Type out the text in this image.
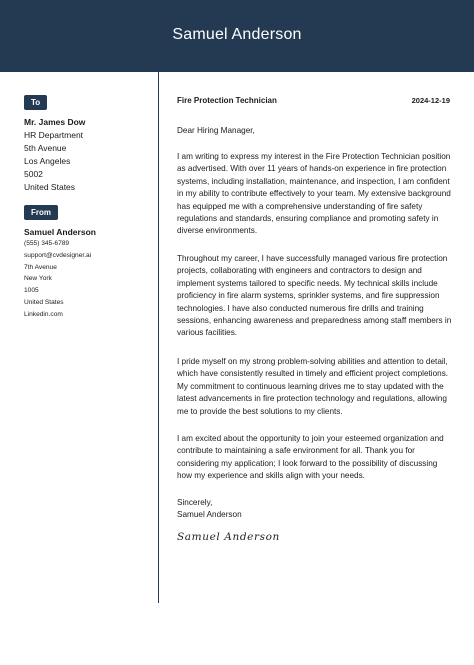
Samuel Anderson
To
Mr. James Dow
HR Department
5th Avenue
Los Angeles
5002
United States
From
Samuel Anderson
(555) 345-6789
support@cvdesigner.ai
7th Avenue
New York
1005
United States
Linkedin.com
Fire Protection Technician	2024-12-19

Dear Hiring Manager,

I am writing to express my interest in the Fire Protection Technician position as advertised. With over 11 years of hands-on experience in fire protection systems, including installation, maintenance, and inspection, I am confident in my ability to contribute effectively to your team. My extensive background has equipped me with a comprehensive understanding of fire safety regulations and standards, ensuring compliance and promoting safety in diverse environments.

Throughout my career, I have successfully managed various fire protection projects, collaborating with engineers and contractors to design and implement systems tailored to specific needs. My technical skills include proficiency in fire alarm systems, sprinkler systems, and fire suppression technologies. I have also conducted numerous fire drills and training sessions, enhancing awareness and preparedness among staff members in various facilities.

I pride myself on my strong problem-solving abilities and attention to detail, which have consistently resulted in timely and efficient project completions. My commitment to continuous learning drives me to stay updated with the latest advancements in fire protection technology and regulations, allowing me to provide the best solutions to my clients.

I am excited about the opportunity to join your esteemed organization and contribute to maintaining a safe environment for all. Thank you for considering my application; I look forward to the possibility of discussing how my experience and skills align with your needs.

Sincerely,

Samuel Anderson

Samuel Anderson
